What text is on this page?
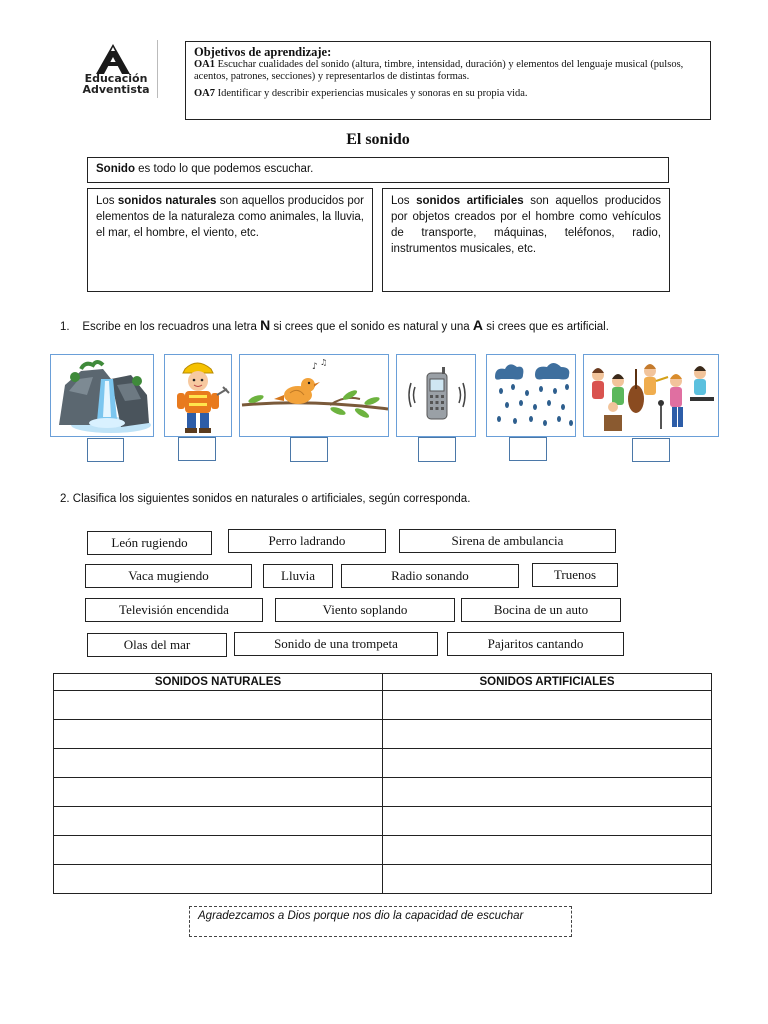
Educación
Adventista
Objetivos de aprendizaje:
OA1 Escuchar cualidades del sonido (altura, timbre, intensidad, duración) y elementos del lenguaje musical (pulsos, acentos, patrones, secciones) y representarlos de distintas formas.
OA7 Identificar y describir experiencias musicales y sonoras en su propia vida.
El sonido
Sonido es todo lo que podemos escuchar.
Los sonidos naturales son aquellos producidos por elementos de la naturaleza como animales, la lluvia, el mar, el hombre, el viento, etc.
Los sonidos artificiales son aquellos producidos por objetos creados por el hombre como vehículos de transporte, máquinas, teléfonos, radio, instrumentos musicales, etc.
1. Escribe en los recuadros una letra N si crees que el sonido es natural y una A si crees que es artificial.
♪ ♫
2. Clasifica los siguientes sonidos en naturales o artificiales, según corresponda.
León rugiendo	Perro ladrando	Sirena de ambulancia
Vaca mugiendo	Lluvia	Radio sonando	Truenos
Televisión encendida	Viento soplando	Bocina de un auto
Olas del mar	Sonido de una trompeta	Pajaritos cantando
SONIDOS NATURALES	SONIDOS ARTIFICIALES

Agradezcamos a Dios porque nos dio la capacidad de escuchar
